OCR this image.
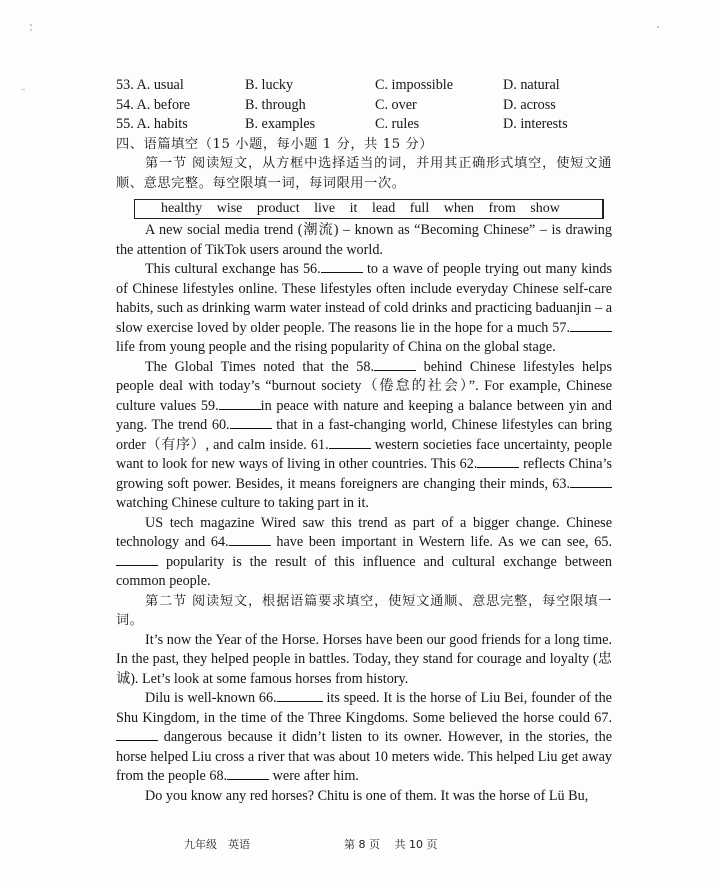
53. A. usual	B. lucky	C. impossible	D. natural
54. A. before	B. through	C. over	D. across
55. A. habits	B. examples	C. rules	D. interests

四、语篇填空（15 小题，每小题 1 分，共 15 分）

第一节 阅读短文，从方框中选择适当的词，并用其正确形式填空，使短文通顺、意思完整。每空限填一词，每词限用一次。

healthy wise product live it lead full when from show

A new social media trend (潮流) – known as “Becoming Chinese” – is drawing the attention of TikTok users around the world.

This cultural exchange has 56.	to a wave of people trying out many kinds of Chinese lifestyles online. These lifestyles often include everyday Chinese self-care habits, such as drinking warm water instead of cold drinks and practicing baduanjin – a slow exercise loved by older people. The reasons lie in the hope for a much 57. life from young people and the rising popularity of China on the global stage.

The Global Times noted that the 58.	behind Chinese lifestyles helps people deal with today’s “burnout society（倦怠的社会）”. For example, Chinese culture values 59.	in peace with nature and keeping a balance between yin and yang. The trend 60.	that in a fast-changing world, Chinese lifestyles can bring order（有序）, and calm inside. 61.	western societies face uncertainty, people want to look for new ways of living in other countries. This 62.	reflects China’s growing soft power. Besides, it means foreigners are changing their minds, 63. watching Chinese culture to taking part in it.

US tech magazine Wired saw this trend as part of a bigger change. Chinese technology and 64.	have been important in Western life. As we can see, 65. popularity is the result of this influence and cultural exchange between common people.

第二节 阅读短文，根据语篇要求填空，使短文通顺、意思完整，每空限填一词。

It’s now the Year of the Horse. Horses have been our good friends for a long time. In the past, they helped people in battles. Today, they stand for courage and loyalty (忠诚). Let’s look at some famous horses from history.

Dilu is well-known 66.	its speed. It is the horse of Liu Bei, founder of the Shu Kingdom, in the time of the Three Kingdoms. Some believed the horse could 67. dangerous because it didn’t listen to its owner. However, in the stories, the horse helped Liu cross a river that was about 10 meters wide. This helped Liu get away from the people 68.	were after him.

Do you know any red horses? Chitu is one of them. It was the horse of Lü Bu,

九年级　英语	第 8 页　 共 10 页
